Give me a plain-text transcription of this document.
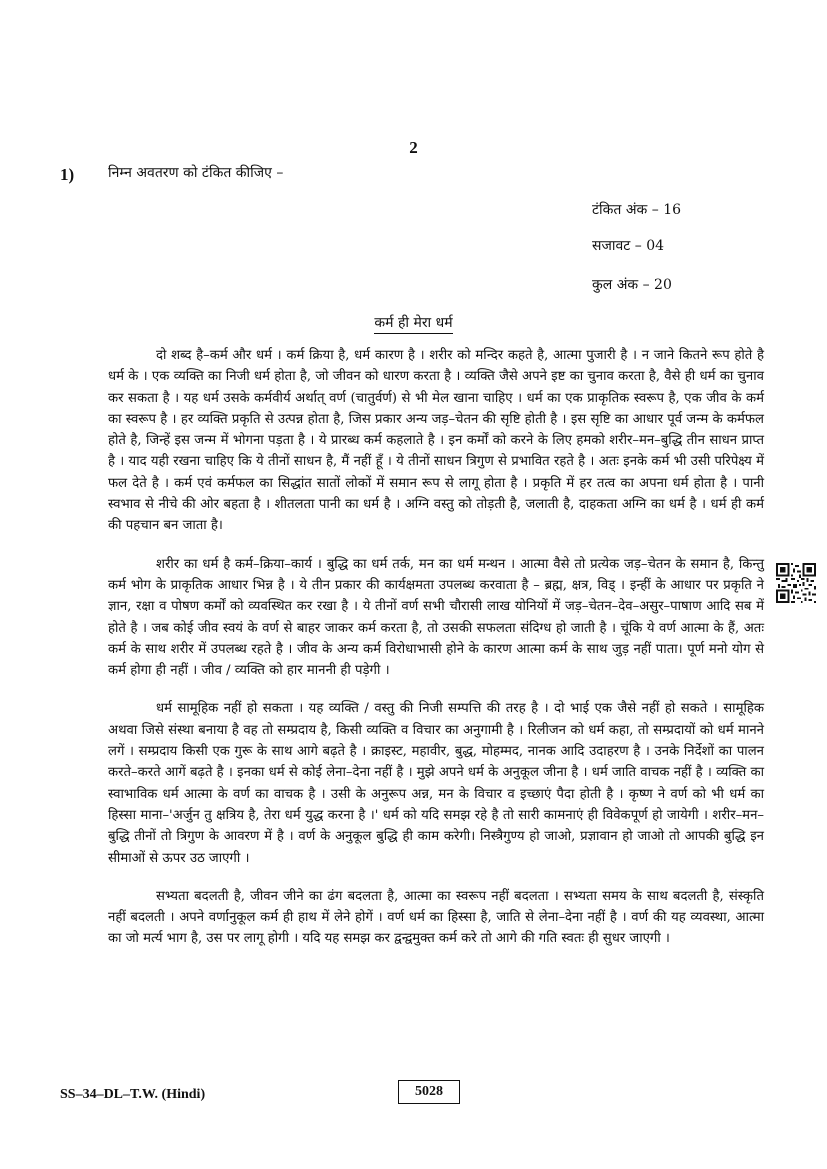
2
1) निम्न अवतरण को टंकित कीजिए –
टंकित अंक – 16
सजावट – 04
कुल अंक – 20
कर्म ही मेरा धर्म

दो शब्द है–कर्म और धर्म । कर्म क्रिया है, धर्म कारण है । शरीर को मन्दिर कहते है, आत्मा पुजारी है । न जाने कितने रूप होते है धर्म के । एक व्यक्ति का निजी धर्म होता है, जो जीवन को धारण करता है । व्यक्ति जैसे अपने इष्ट का चुनाव करता है, वैसे ही धर्म का चुनाव कर सकता है । यह धर्म उसके कर्मवीर्य अर्थात् वर्ण (चातुर्वर्ण) से भी मेल खाना चाहिए । धर्म का एक प्राकृतिक स्वरूप है, एक जीव के कर्म का स्वरूप है । हर व्यक्ति प्रकृति से उत्पन्न होता है, जिस प्रकार अन्य जड़–चेतन की सृष्टि होती है । इस सृष्टि का आधार पूर्व जन्म के कर्मफल होते है, जिन्हें इस जन्म में भोगना पड़ता है । ये प्रारब्ध कर्म कहलाते है । इन कर्मों को करने के लिए हमको शरीर–मन–बुद्धि तीन साधन प्राप्त है । याद यही रखना चाहिए कि ये तीनों साधन है, मैं नहीं हूँ । ये तीनों साधन त्रिगुण से प्रभावित रहते है । अतः इनके कर्म भी उसी परिपेक्ष्य में फल देते है । कर्म एवं कर्मफल का सिद्धांत सातों लोकों में समान रूप से लागू होता है । प्रकृति में हर तत्व का अपना धर्म होता है । पानी स्वभाव से नीचे की ओर बहता है । शीतलता पानी का धर्म है । अग्नि वस्तु को तोड़ती है, जलाती है, दाहकता अग्नि का धर्म है । धर्म ही कर्म की पहचान बन जाता है।

शरीर का धर्म है कर्म–क्रिया–कार्य । बुद्धि का धर्म तर्क, मन का धर्म मन्थन । आत्मा वैसे तो प्रत्येक जड़–चेतन के समान है, किन्तु कर्म भोग के प्राकृतिक आधार भिन्न है । ये तीन प्रकार की कार्यक्षमता उपलब्ध करवाता है – ब्रह्म, क्षत्र, विड् । इन्हीं के आधार पर प्रकृति ने ज्ञान, रक्षा व पोषण कर्मों को व्यवस्थित कर रखा है । ये तीनों वर्ण सभी चौरासी लाख योनियों में जड़–चेतन–देव–असुर–पाषाण आदि सब में होते है । जब कोई जीव स्वयं के वर्ण से बाहर जाकर कर्म करता है, तो उसकी सफलता संदिग्ध हो जाती है । चूंकि ये वर्ण आत्मा के हैं, अतः कर्म के साथ शरीर में उपलब्ध रहते है । जीव के अन्य कर्म विरोधाभासी होने के कारण आत्मा कर्म के साथ जुड़ नहीं पाता। पूर्ण मनो योग से कर्म होगा ही नहीं । जीव / व्यक्ति को हार माननी ही पड़ेगी ।

धर्म सामूहिक नहीं हो सकता । यह व्यक्ति / वस्तु की निजी सम्पत्ति की तरह है । दो भाई एक जैसे नहीं हो सकते । सामूहिक अथवा जिसे संस्था बनाया है वह तो सम्प्रदाय है, किसी व्यक्ति व विचार का अनुगामी है । रिलीजन को धर्म कहा, तो सम्प्रदायों को धर्म मानने लगें । सम्प्रदाय किसी एक गुरू के साथ आगे बढ़ते है । क्राइस्ट, महावीर, बुद्ध, मोहम्मद, नानक आदि उदाहरण है । उनके निर्देशों का पालन करते–करते आगें बढ़ते है । इनका धर्म से कोई लेना–देना नहीं है । मुझे अपने धर्म के अनुकूल जीना है । धर्म जाति वाचक नहीं है । व्यक्ति का स्वाभाविक धर्म आत्मा के वर्ण का वाचक है । उसी के अनुरूप अन्न, मन के विचार व इच्छाएं पैदा होती है । कृष्ण ने वर्ण को भी धर्म का हिस्सा माना–'अर्जुन तु क्षत्रिय है, तेरा धर्म युद्ध करना है ।' धर्म को यदि समझ रहे है तो सारी कामनाएं ही विवेकपूर्ण हो जायेगी । शरीर–मन–बुद्धि तीनों तो त्रिगुण के आवरण में है । वर्ण के अनुकूल बुद्धि ही काम करेगी। निस्त्रैगुण्य हो जाओ, प्रज्ञावान हो जाओ तो आपकी बुद्धि इन सीमाओं से ऊपर उठ जाएगी ।

सभ्यता बदलती है, जीवन जीने का ढंग बदलता है, आत्मा का स्वरूप नहीं बदलता । सभ्यता समय के साथ बदलती है, संस्कृति नहीं बदलती । अपने वर्णानुकूल कर्म ही हाथ में लेने होगें । वर्ण धर्म का हिस्सा है, जाति से लेना–देना नहीं है । वर्ण की यह व्यवस्था, आत्मा का जो मर्त्य भाग है, उस पर लागू होगी । यदि यह समझ कर द्वन्द्वमुक्त कर्म करे तो आगे की गति स्वतः ही सुधर जाएगी ।

SS–34–DL–T.W. (Hindi)	5028
